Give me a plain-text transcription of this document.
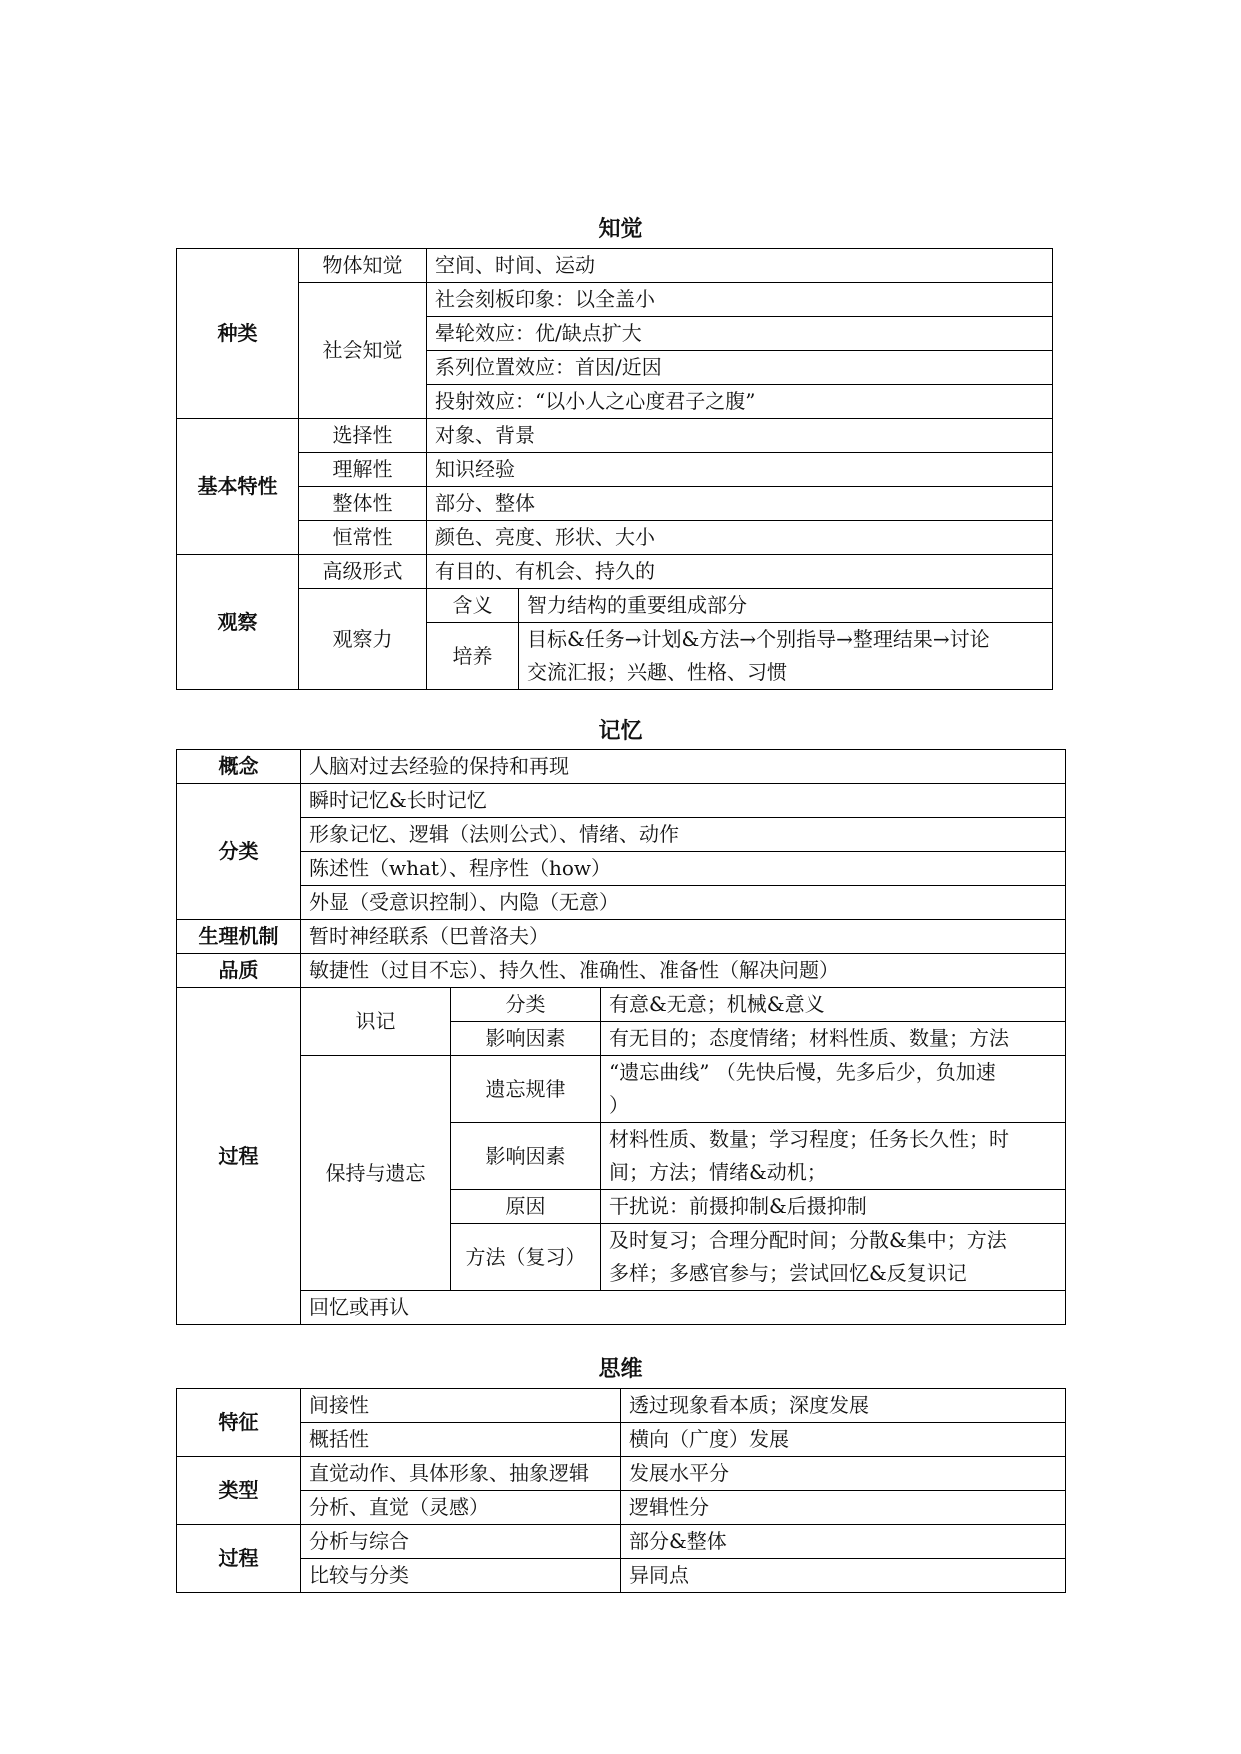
知觉
种类	物体知觉	空间、时间、运动	
	社会知觉	社会刻板印象：以全盖小	
		晕轮效应：优/缺点扩大	
		系列位置效应：首因/近因	
		投射效应：“以小人之心度君子之腹”	
基本特性	选择性	对象、背景	
	理解性	知识经验	
	整体性	部分、整体	
	恒常性	颜色、亮度、形状、大小	
观察	高级形式	有目的、有机会、持久的	
	观察力	含义	智力结构的重要组成部分
		培养	目标&任务→计划&方法→个别指导→整理结果→讨论
交流汇报；兴趣、性格、习惯
记忆
概念	人脑对过去经验的保持和再现		
分类	瞬时记忆&长时记忆		
	形象记忆、逻辑（法则公式）、情绪、动作		
	陈述性（what）、程序性（how）		
	外显（受意识控制）、内隐（无意）		
生理机制	暂时神经联系（巴普洛夫）		
品质	敏捷性（过目不忘）、持久性、准确性、准备性（解决问题）		
过程	识记	分类	有意&无意；机械&意义
		影响因素	有无目的；态度情绪；材料性质、数量；方法
	保持与遗忘	遗忘规律	“遗忘曲线” （先快后慢，先多后少，负加速
）

		影响因素	材料性质、数量；学习程度；任务长久性；时
间；方法；情绪&动机；

		原因	干扰说：前摄抑制&后摄抑制
		方法（复习）	及时复习；合理分配时间；分散&集中；方法
多样；多感官参与；尝试回忆&反复识记

	回忆或再认		
思维
特征	间接性	透过现象看本质；深度发展
	概括性	横向（广度）发展
类型	直觉动作、具体形象、抽象逻辑	发展水平分
	分析、直觉（灵感）	逻辑性分
过程	分析与综合	部分&整体
	比较与分类	异同点
